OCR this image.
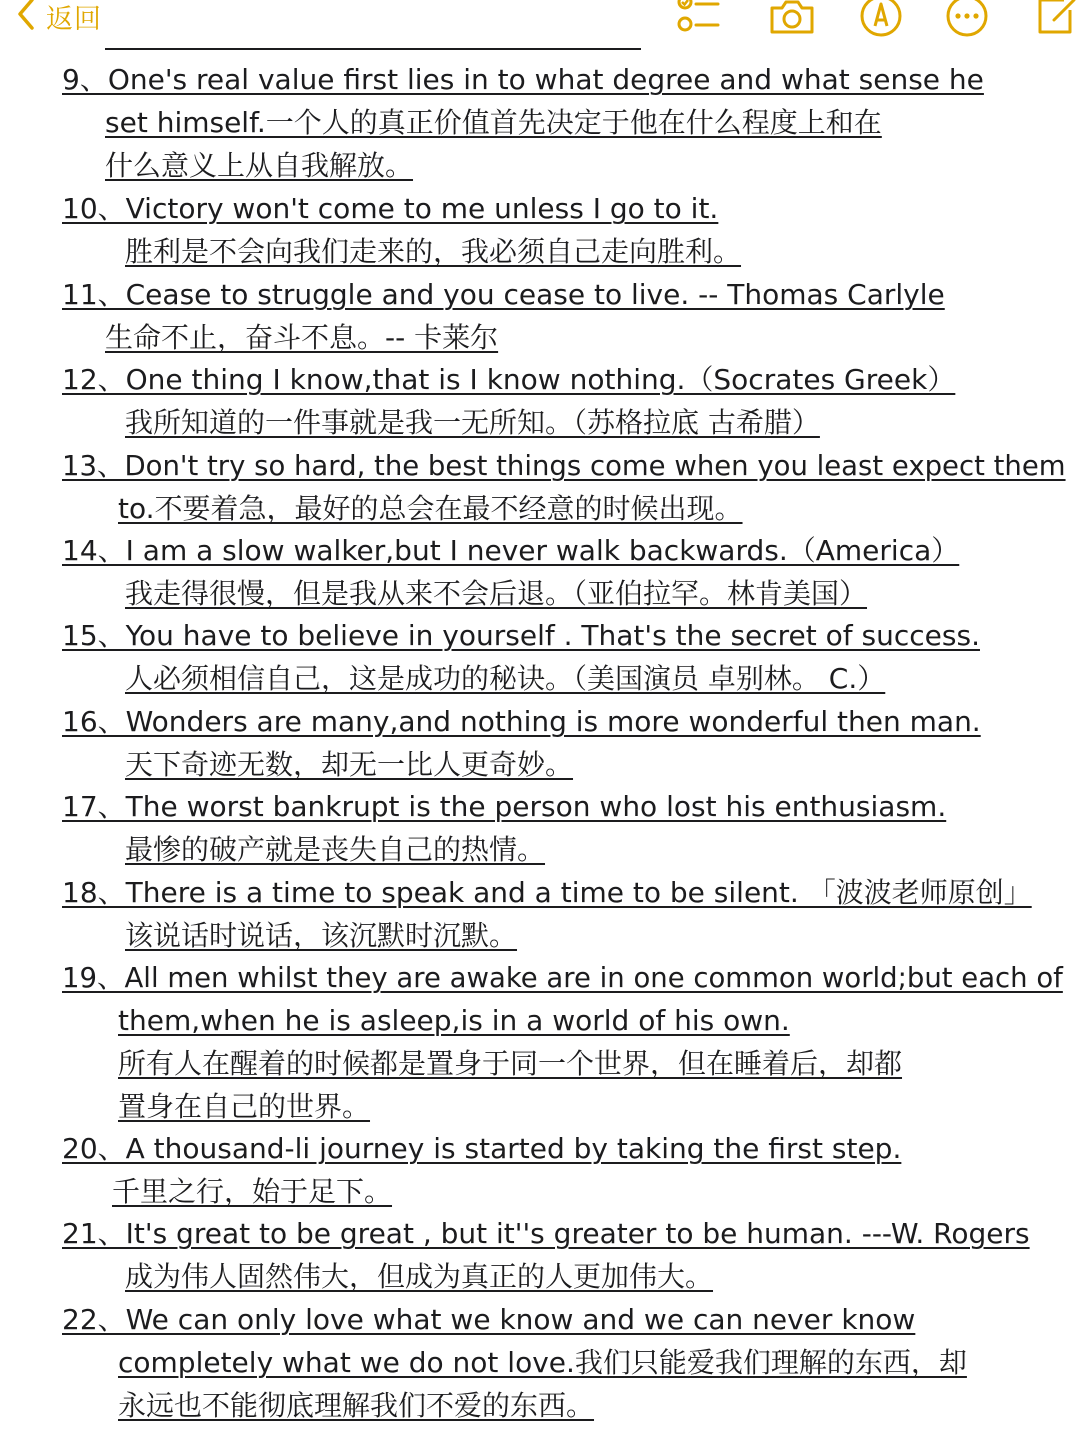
返回
9、One's real value first lies in to what degree and what sense he
set himself.一个人的真正价值首先决定于他在什么程度上和在
什么意义上从自我解放。
10、Victory won't come to me unless I go to it.
胜利是不会向我们走来的，我必须自己走向胜利。
11、Cease to struggle and you cease to live. -- Thomas Carlyle
生命不止，奋斗不息。-- 卡莱尔
12、One thing I know,that is I know nothing.（Socrates Greek）
我所知道的一件事就是我一无所知。（苏格拉底 古希腊）
13、Don't try so hard, the best things come when you least expect them
to.不要着急，最好的总会在最不经意的时候出现。
14、I am a slow walker,but I never walk backwards.（America）
我走得很慢，但是我从来不会后退。（亚伯拉罕。林肯美国）
15、You have to believe in yourself . That's the secret of success.
人必须相信自己，这是成功的秘诀。（美国演员 卓别林。 C.）
16、Wonders are many,and nothing is more wonderful then man.
天下奇迹无数，却无一比人更奇妙。
17、The worst bankrupt is the person who lost his enthusiasm.
最惨的破产就是丧失自己的热情。
18、There is a time to speak and a time to be silent. 「波波老师原创」
该说话时说话，该沉默时沉默。
19、All men whilst they are awake are in one common world;but each of
them,when he is asleep,is in a world of his own.
所有人在醒着的时候都是置身于同一个世界，但在睡着后，却都
置身在自己的世界。
20、A thousand-li journey is started by taking the first step.
千里之行，始于足下。
21、It's great to be great , but it''s greater to be human. ---W. Rogers
成为伟人固然伟大，但成为真正的人更加伟大。
22、We can only love what we know and we can never know
completely what we do not love.我们只能爱我们理解的东西，却
永远也不能彻底理解我们不爱的东西。
